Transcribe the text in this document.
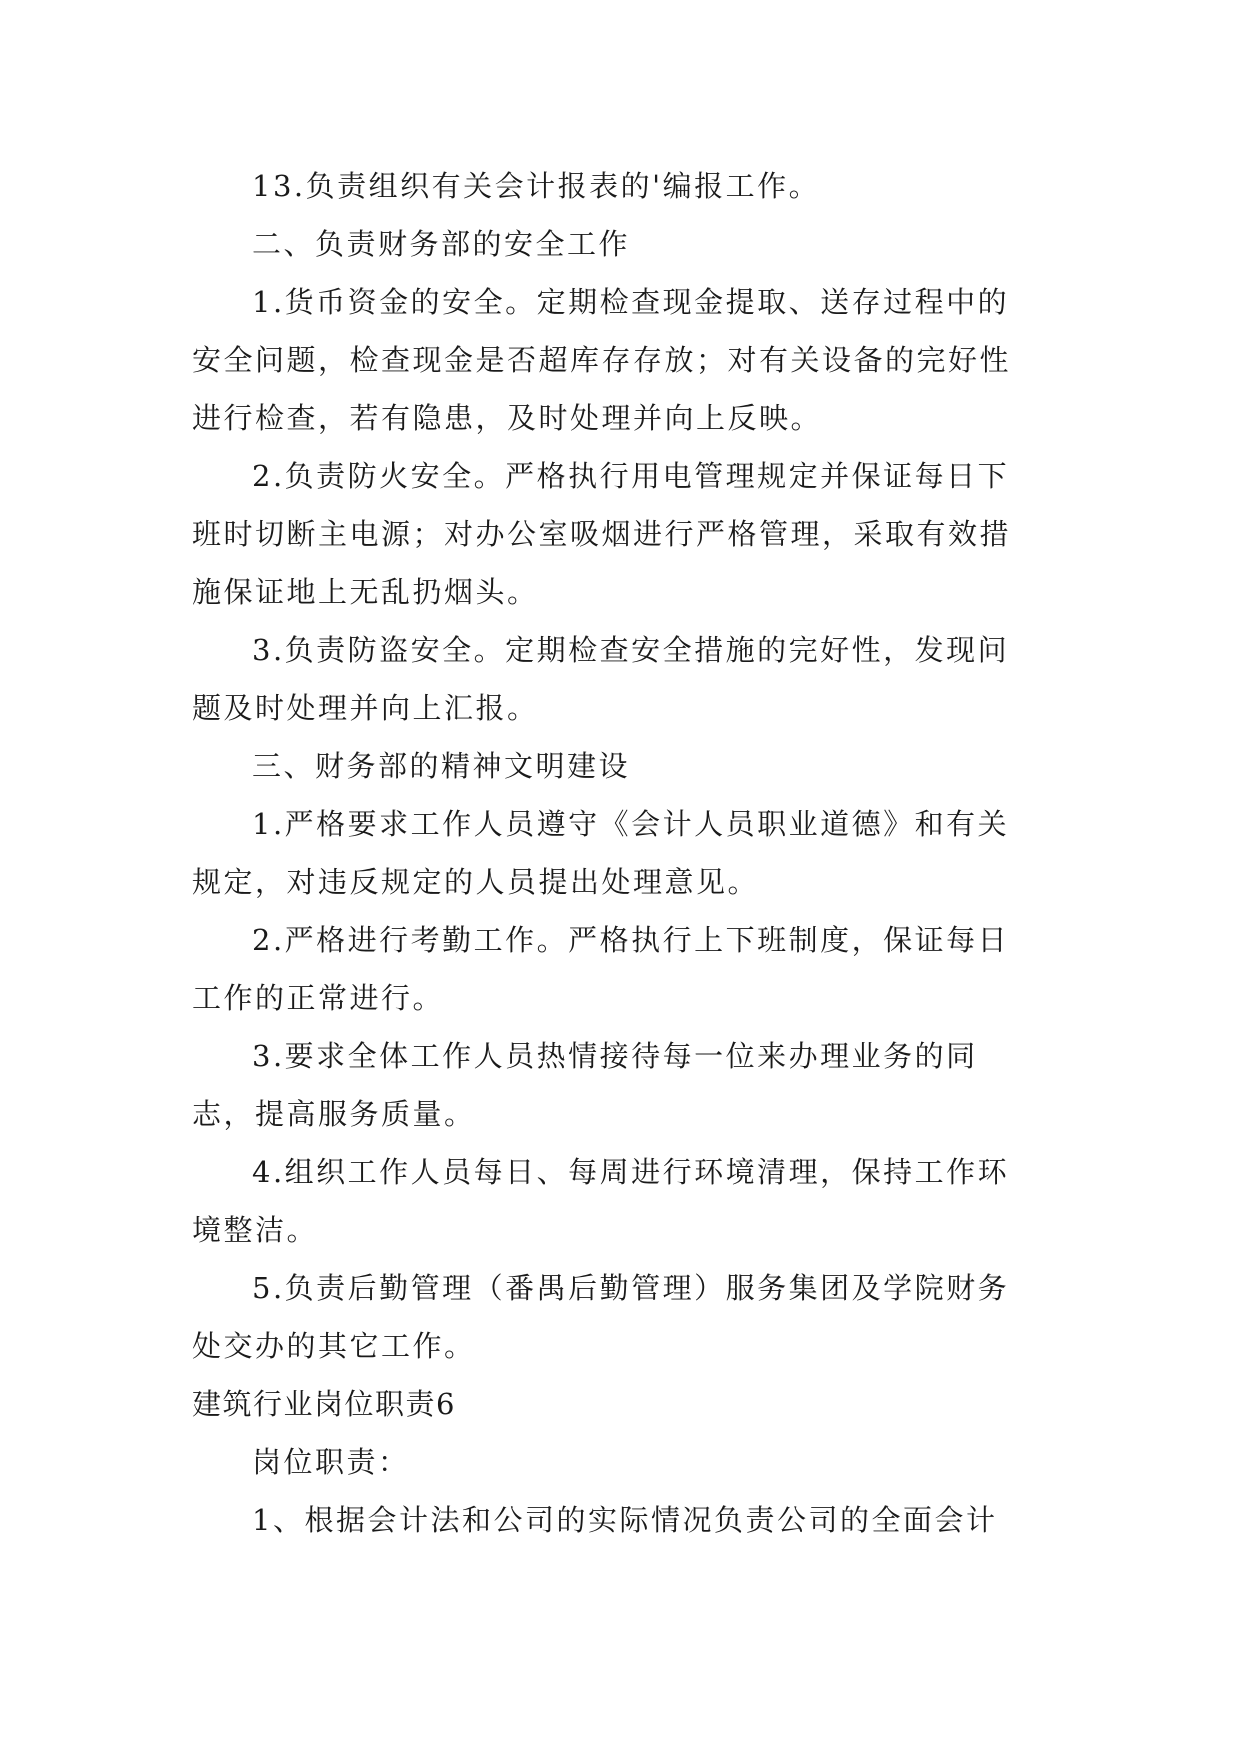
13.负责组织有关会计报表的'编报工作。
二、负责财务部的安全工作
1.货币资金的安全。定期检查现金提取、送存过程中的
安全问题，检查现金是否超库存存放；对有关设备的完好性
进行检查，若有隐患，及时处理并向上反映。
2.负责防火安全。严格执行用电管理规定并保证每日下
班时切断主电源；对办公室吸烟进行严格管理，采取有效措
施保证地上无乱扔烟头。
3.负责防盗安全。定期检查安全措施的完好性，发现问
题及时处理并向上汇报。
三、财务部的精神文明建设
1.严格要求工作人员遵守《会计人员职业道德》和有关
规定，对违反规定的人员提出处理意见。
2.严格进行考勤工作。严格执行上下班制度，保证每日
工作的正常进行。
3.要求全体工作人员热情接待每一位来办理业务的同
志，提高服务质量。
4.组织工作人员每日、每周进行环境清理，保持工作环
境整洁。
5.负责后勤管理（番禺后勤管理）服务集团及学院财务
处交办的其它工作。
建筑行业岗位职责6
岗位职责：
1、根据会计法和公司的实际情况负责公司的全面会计
